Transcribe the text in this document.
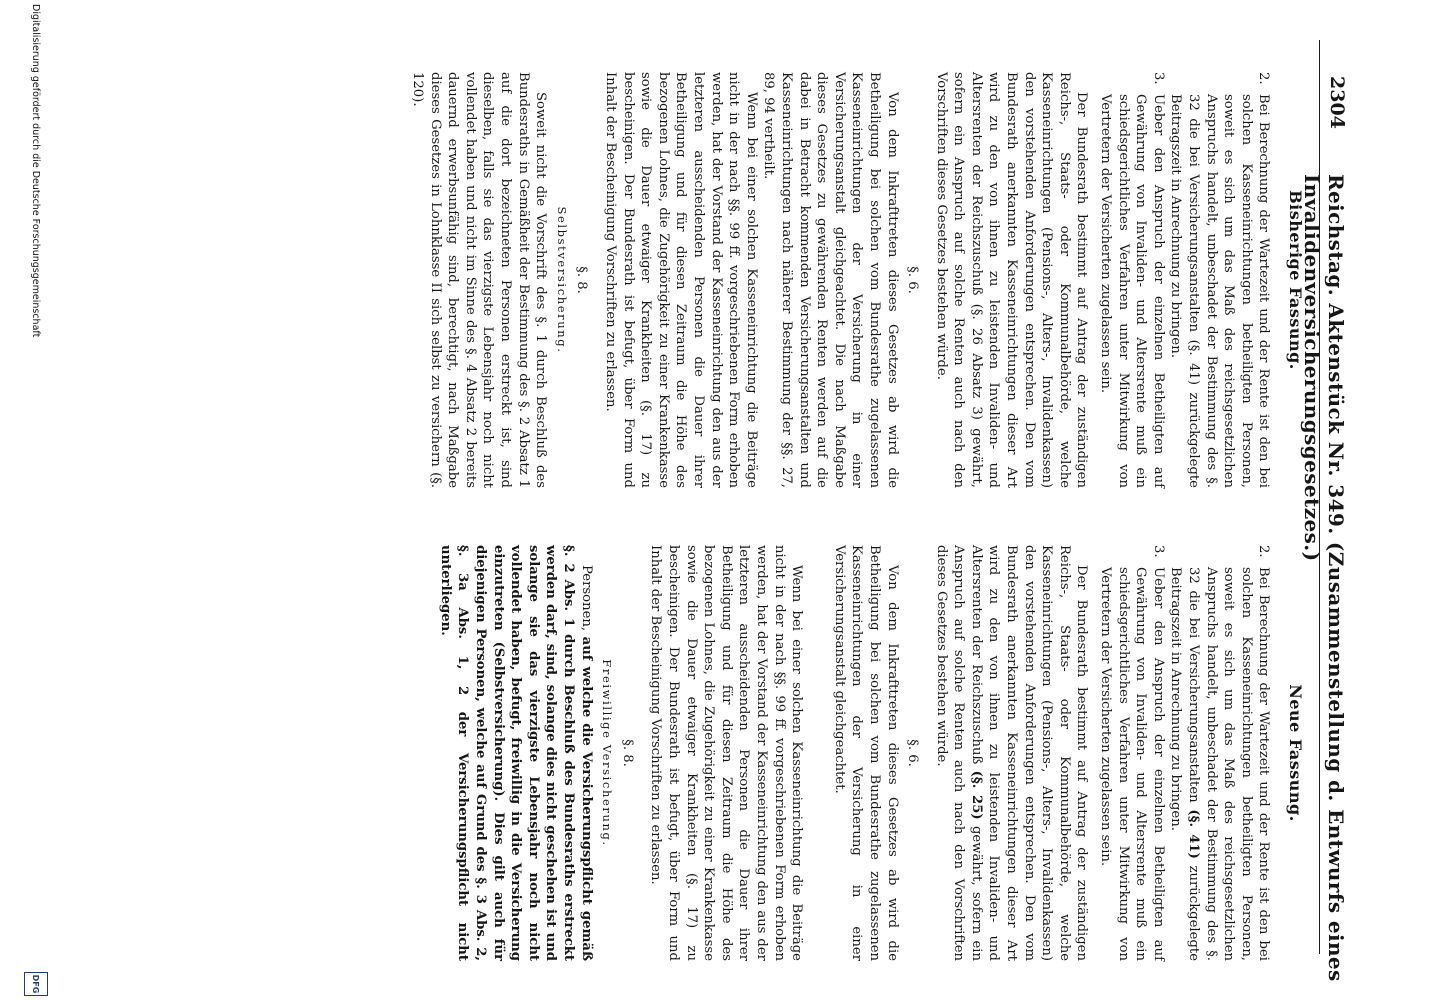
2304
Reichstag. Aktenstück Nr. 349. (Zusammenstellung d. Entwurfs eines Invalidenversicherungsgesetzes.)
Bisherige Fassung.
2.
Bei Berechnung der Wartezeit und der Rente ist den bei solchen Kasseneinrichtungen betheiligten Personen, soweit es sich um das Maß des reichsgesetzlichen Anspruchs handelt, unbeschadet der Bestimmung des §. 32 die bei Versicherungsanstalten (§. 41) zurückgelegte Beitragszeit in Anrechnung zu bringen.
3.
Ueber den Anspruch der einzelnen Betheiligten auf Gewährung von Invaliden- und Altersrente muß ein schiedsgerichtliches Verfahren unter Mitwirkung von Vertretern der Versicherten zugelassen sein.

Der Bundesrath bestimmt auf Antrag der zuständigen Reichs-, Staats- oder Kommunalbehörde, welche Kasseneinrichtungen (Pensions-, Alters-, Invalidenkassen) den vorstehenden Anforderungen entsprechen. Den vom Bundesrath anerkannten Kasseneinrichtungen dieser Art wird zu den von ihnen zu leistenden Invaliden- und Altersrenten der Reichszuschuß (§. 26 Absatz 3) gewährt, sofern ein Anspruch auf solche Renten auch nach den Vorschriften dieses Gesetzes bestehen würde.

§. 6.

Von dem Inkrafttreten dieses Gesetzes ab wird die Betheiligung bei solchen vom Bundesrathe zugelassenen Kasseneinrichtungen der Versicherung in einer Versicherungsanstalt gleichgeachtet. Die nach Maßgabe dieses Gesetzes zu gewährenden Renten werden auf die dabei in Betracht kommenden Versicherungsanstalten und Kasseneinrichtungen nach näherer Bestimmung der §§. 27, 89, 94 vertheilt.

Wenn bei einer solchen Kasseneinrichtung die Beiträge nicht in der nach §§. 99 ff. vorgeschriebenen Form erhoben werden, hat der Vorstand der Kasseneinrichtung den aus der letzteren ausscheidenden Personen die Dauer ihrer Betheiligung und für diesen Zeitraum die Höhe des bezogenen Lohnes, die Zugehörigkeit zu einer Krankenkasse sowie die Dauer etwaiger Krankheiten (§. 17) zu bescheinigen. Der Bundesrath ist befugt, über Form und Inhalt der Bescheinigung Vorschriften zu erlassen.

§. 8.
Selbstversicherung.

Soweit nicht die Vorschrift des §. 1 durch Beschluß des Bundesraths in Gemäßheit der Bestimmung des §. 2 Absatz 1 auf die dort bezeichneten Personen erstreckt ist, sind dieselben, falls sie das vierzigste Lebensjahr noch nicht vollendet haben und nicht im Sinne des §. 4 Absatz 2 bereits dauernd erwerbsunfähig sind, berechtigt, nach Maßgabe dieses Gesetzes in Lohnklasse II sich selbst zu versichern (§. 120).

Neue Fassung.
2.
Bei Berechnung der Wartezeit und der Rente ist den bei solchen Kasseneinrichtungen betheiligten Personen, soweit es sich um das Maß des reichsgesetzlichen Anspruchs handelt, unbeschadet der Bestimmung des §. 32 die bei Versicherungsanstalten (§. 41) zurückgelegte Beitragszeit in Anrechnung zu bringen.
3.
Ueber den Anspruch der einzelnen Betheiligten auf Gewährung von Invaliden- und Altersrente muß ein schiedsgerichtliches Verfahren unter Mitwirkung von Vertretern der Versicherten zugelassen sein.

Der Bundesrath bestimmt auf Antrag der zuständigen Reichs-, Staats- oder Kommunalbehörde, welche Kasseneinrichtungen (Pensions-, Alters-, Invalidenkassen) den vorstehenden Anforderungen entsprechen. Den vom Bundesrath anerkannten Kasseneinrichtungen dieser Art wird zu den von ihnen zu leistenden Invaliden- und Altersrenten der Reichszuschuß (§. 25) gewährt, sofern ein Anspruch auf solche Renten auch nach den Vorschriften dieses Gesetzes bestehen würde.

§. 6.

Von dem Inkrafttreten dieses Gesetzes ab wird die Betheiligung bei solchen vom Bundesrathe zugelassenen Kasseneinrichtungen der Versicherung in einer Versicherungsanstalt gleichgeachtet.

Wenn bei einer solchen Kasseneinrichtung die Beiträge nicht in der nach §§. 99 ff. vorgeschriebenen Form erhoben werden, hat der Vorstand der Kasseneinrichtung den aus der letzteren ausscheidenden Personen die Dauer ihrer Betheiligung und für diesen Zeitraum die Höhe des bezogenen Lohnes, die Zugehörigkeit zu einer Krankenkasse sowie die Dauer etwaiger Krankheiten (§. 17) zu bescheinigen. Der Bundesrath ist befugt, über Form und Inhalt der Bescheinigung Vorschriften zu erlassen.

§. 8.
Freiwillige Versicherung.

Personen, auf welche die Versicherungspflicht gemäß §. 2 Abs. 1 durch Beschluß des Bundesraths erstreckt werden darf, sind, solange dies nicht geschehen ist und solange sie das vierzigste Lebensjahr noch nicht vollendet haben, befugt, freiwillig in die Versicherung einzutreten (Selbstversicherung). Dies gilt auch für diejenigen Personen, welche auf Grund des §. 3 Abs. 2, §. 3a Abs. 1, 2 der Versicherungspflicht nicht unterliegen.

Digitalisierung gefördert durch die Deutsche Forschungsgemeinschaft
DFG
